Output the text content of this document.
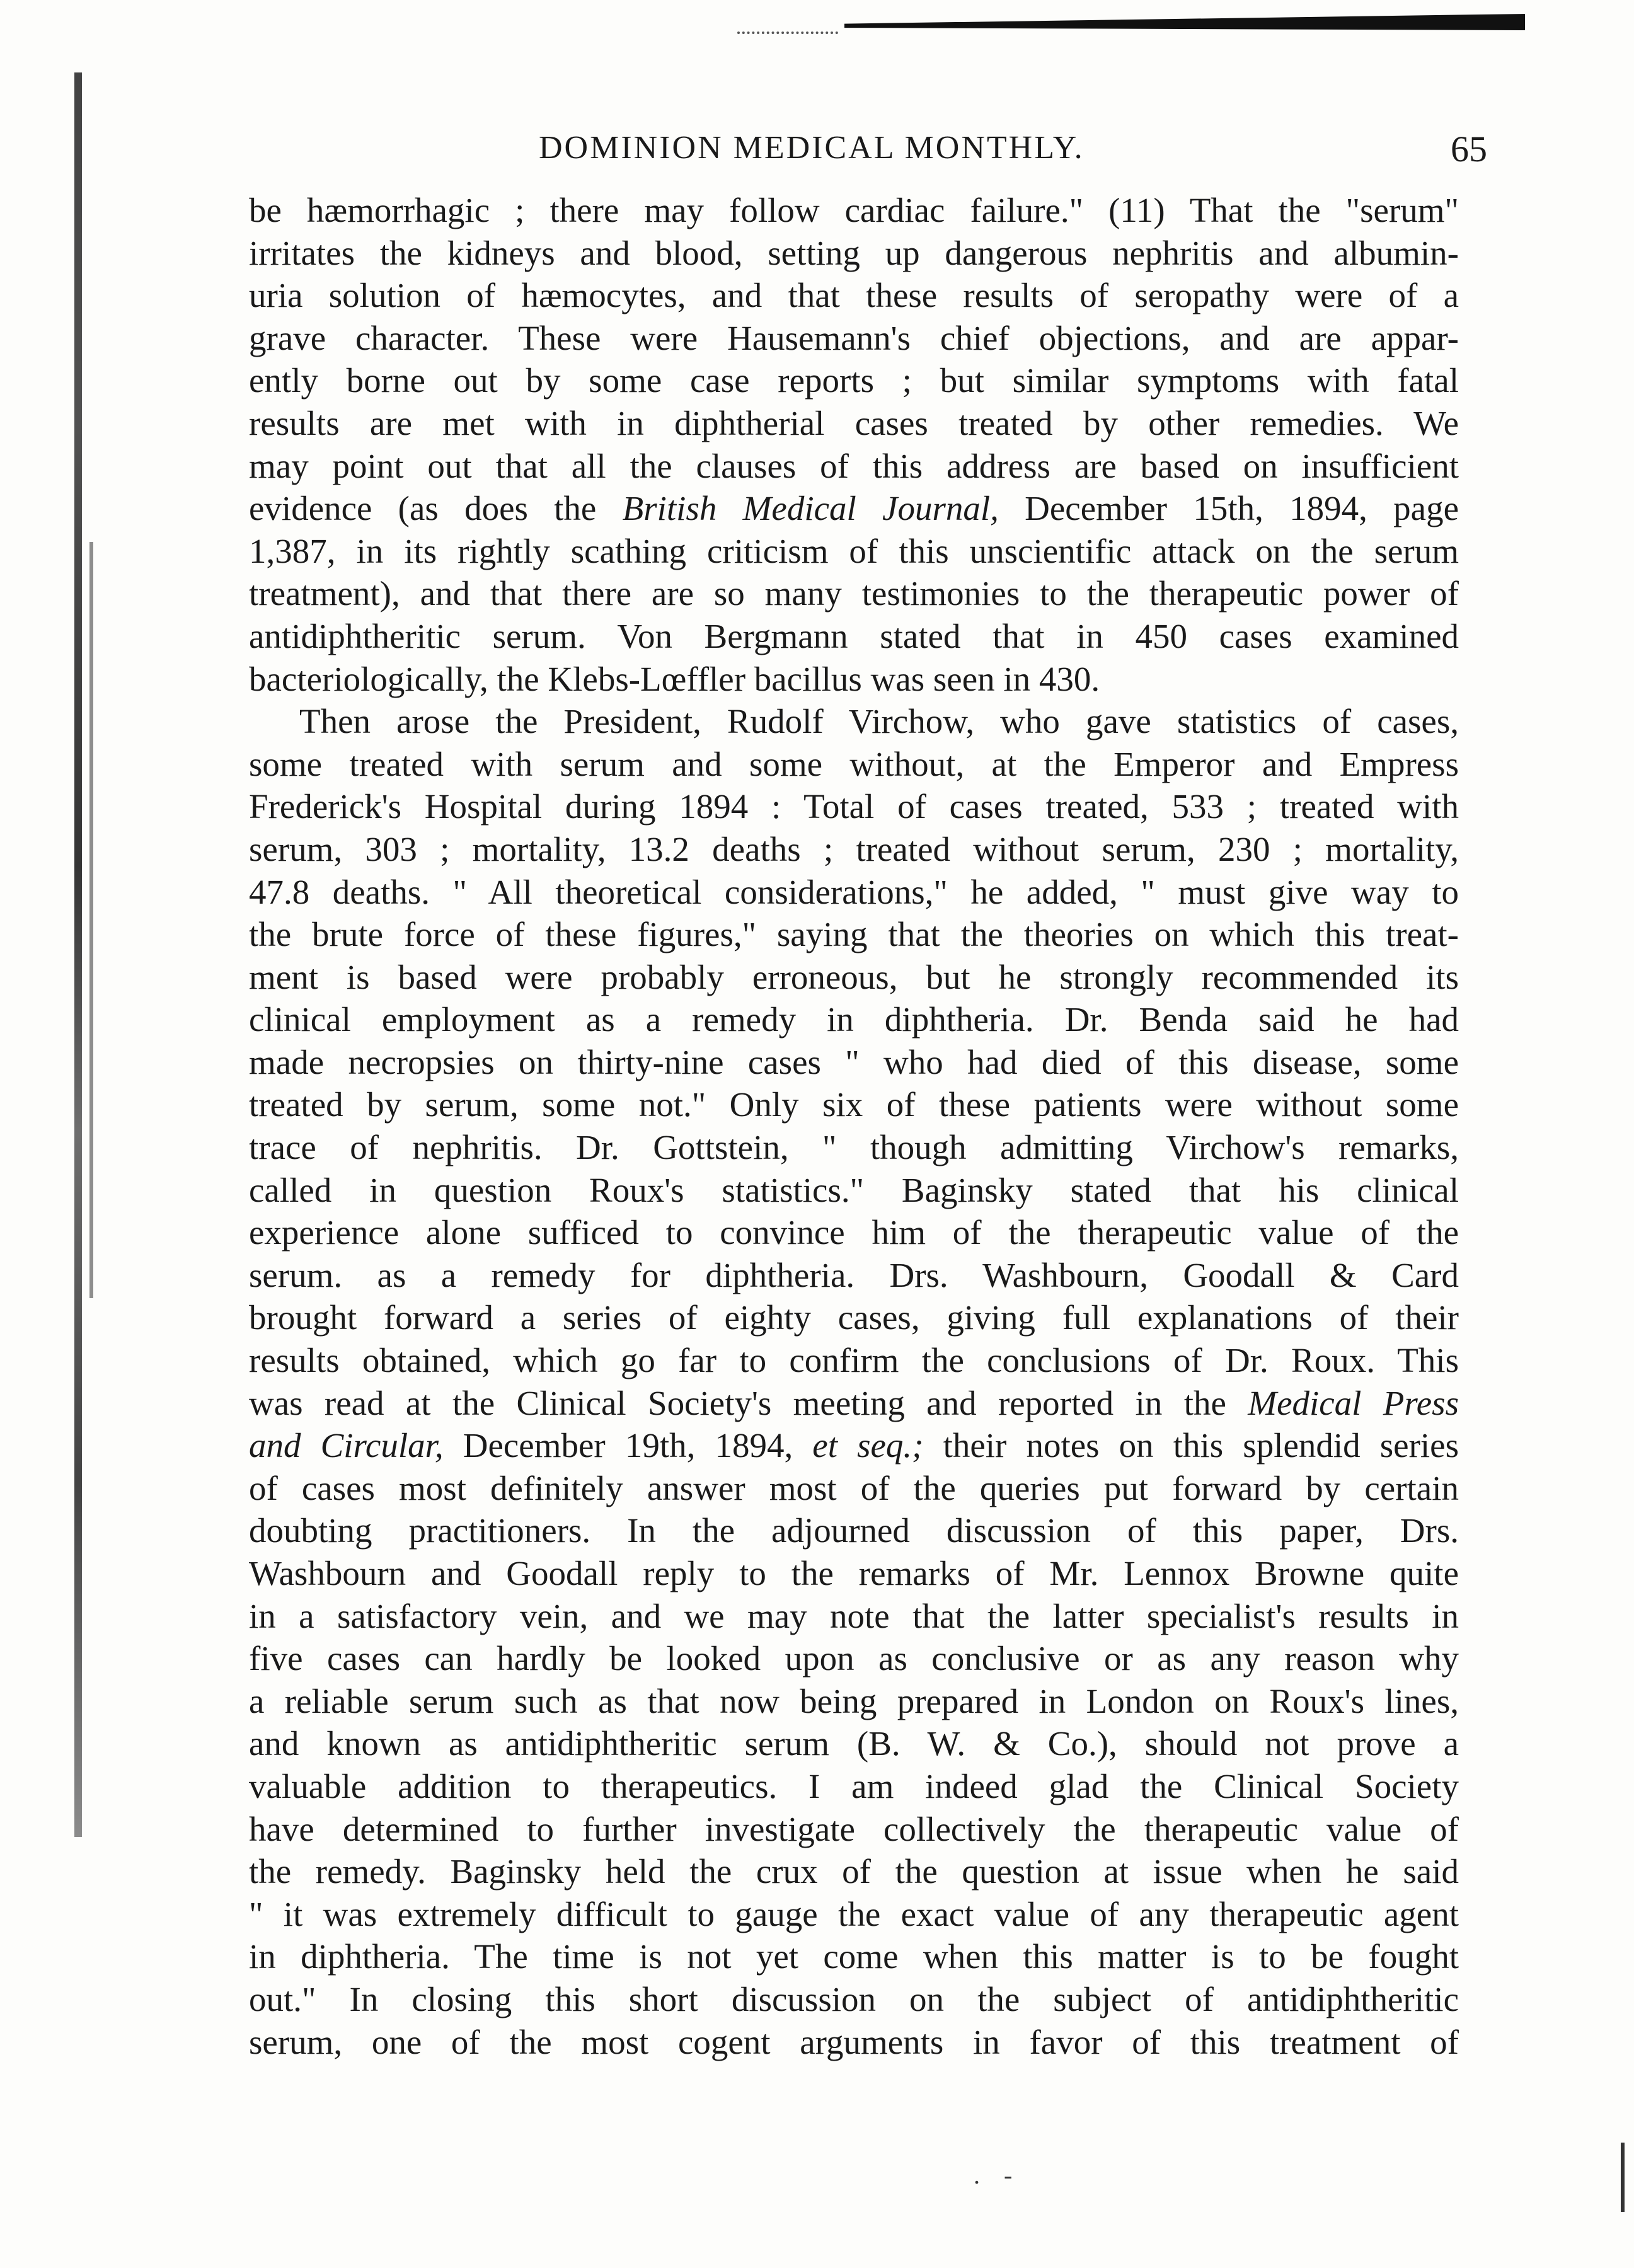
DOMINION MEDICAL MONTHLY.	65
be hæmorrhagic ; there may follow cardiac failure." (11) That the "serum"
irritates the kidneys and blood, setting up dangerous nephritis and albumin-
uria solution of hæmocytes, and that these results of seropathy were of a
grave character. These were Hausemann's chief objections, and are appar-
ently borne out by some case reports ; but similar symptoms with fatal
results are met with in diphtherial cases treated by other remedies. We
may point out that all the clauses of this address are based on insufficient
evidence (as does the British Medical Journal, December 15th, 1894, page
1,387, in its rightly scathing criticism of this unscientific attack on the serum
treatment), and that there are so many testimonies to the therapeutic power of
antidiphtheritic serum. Von Bergmann stated that in 450 cases examined
bacteriologically, the Klebs-Lœffler bacillus was seen in 430.
Then arose the President, Rudolf Virchow, who gave statistics of cases,
some treated with serum and some without, at the Emperor and Empress
Frederick's Hospital during 1894 : Total of cases treated, 533 ; treated with
serum, 303 ; mortality, 13.2 deaths ; treated without serum, 230 ; mortality,
47.8 deaths. " All theoretical considerations," he added, " must give way to
the brute force of these figures," saying that the theories on which this treat-
ment is based were probably erroneous, but he strongly recommended its
clinical employment as a remedy in diphtheria. Dr. Benda said he had
made necropsies on thirty-nine cases " who had died of this disease, some
treated by serum, some not." Only six of these patients were without some
trace of nephritis. Dr. Gottstein, " though admitting Virchow's remarks,
called in question Roux's statistics." Baginsky stated that his clinical
experience alone sufficed to convince him of the therapeutic value of the
serum. as a remedy for diphtheria. Drs. Washbourn, Goodall & Card
brought forward a series of eighty cases, giving full explanations of their
results obtained, which go far to confirm the conclusions of Dr. Roux. This
was read at the Clinical Society's meeting and reported in the Medical Press
and Circular, December 19th, 1894, et seq.; their notes on this splendid series
of cases most definitely answer most of the queries put forward by certain
doubting practitioners. In the adjourned discussion of this paper, Drs.
Washbourn and Goodall reply to the remarks of Mr. Lennox Browne quite
in a satisfactory vein, and we may note that the latter specialist's results in
five cases can hardly be looked upon as conclusive or as any reason why
a reliable serum such as that now being prepared in London on Roux's lines,
and known as antidiphtheritic serum (B. W. & Co.), should not prove a
valuable addition to therapeutics. I am indeed glad the Clinical Society
have determined to further investigate collectively the therapeutic value of
the remedy. Baginsky held the crux of the question at issue when he said
" it was extremely difficult to gauge the exact value of any therapeutic agent
in diphtheria. The time is not yet come when this matter is to be fought
out." In closing this short discussion on the subject of antidiphtheritic
serum, one of the most cogent arguments in favor of this treatment of
. -
